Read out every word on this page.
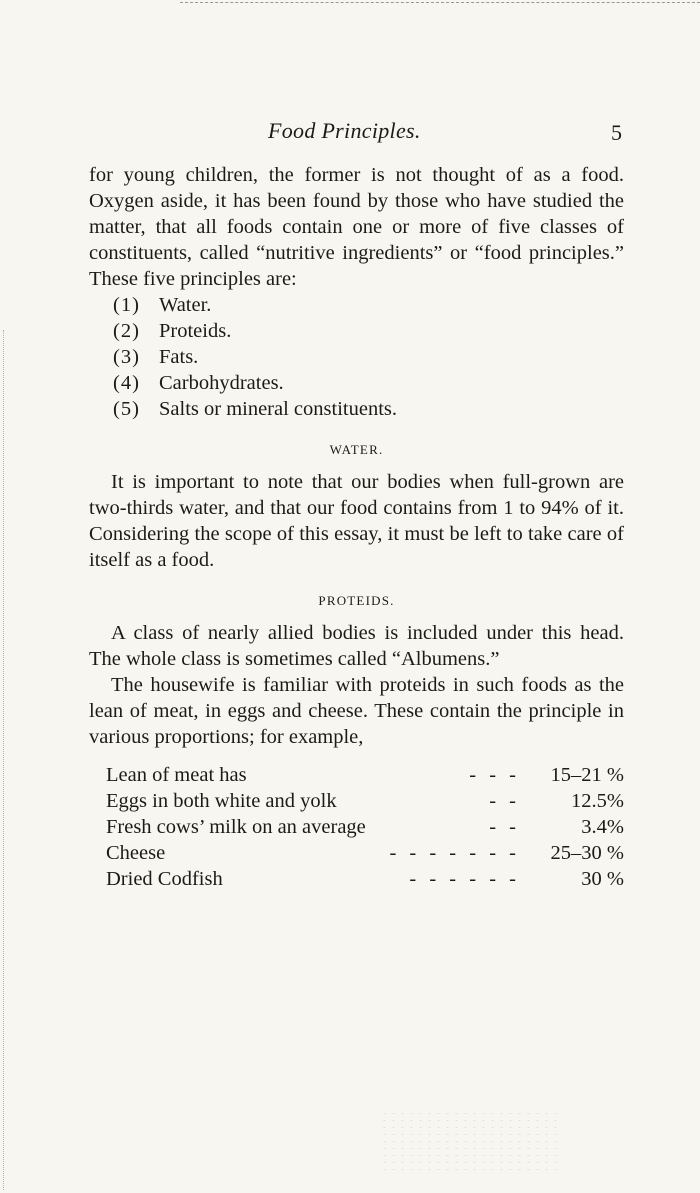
Food Principles.	5

for young children, the former is not thought of as a food. Oxygen aside, it has been found by those who have studied the matter, that all foods contain one or more of five classes of constituents, called “nutritive ingredients” or “food principles.” These five principles are:

(1) Water.
(2) Proteids.
(3) Fats.
(4) Carbohydrates.
(5) Salts or mineral constituents.
WATER.

It is important to note that our bodies when full-grown are two-thirds water, and that our food contains from 1 to 94% of it. Considering the scope of this essay, it must be left to take care of itself as a food.

PROTEIDS.

A class of nearly allied bodies is included under this head. The whole class is sometimes called “Albumens.”

The housewife is familiar with proteids in such foods as the lean of meat, in eggs and cheese. These contain the principle in various proportions; for example,

Lean of meat has	- - -	15–21 %
Eggs in both white and yolk	- -	12.5%
Fresh cows’ milk on an average	- -	3.4%
Cheese	- - - - - - -	25–30 %
Dried Codfish	- - - - - -	30 %
